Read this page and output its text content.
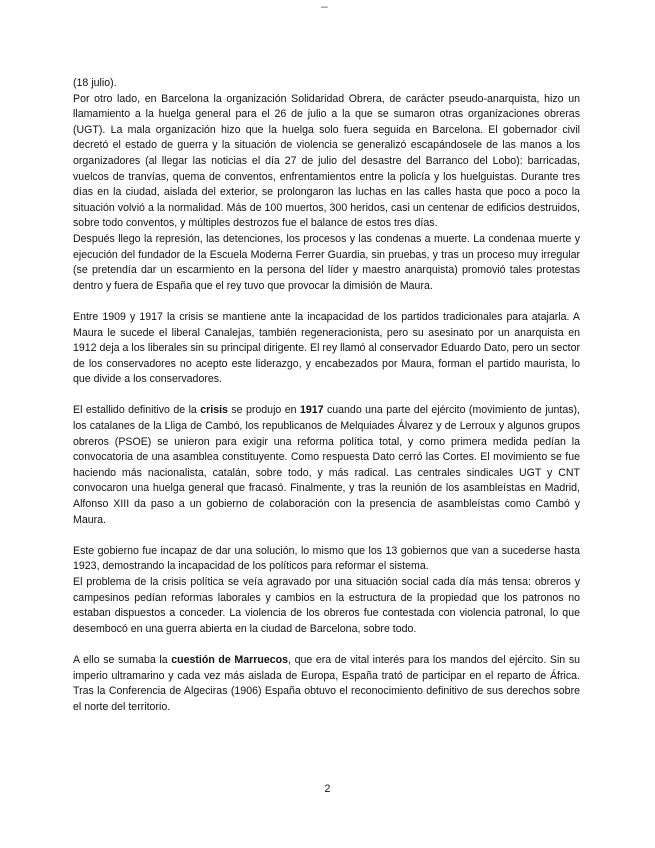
_

(18 julio).

Por otro lado, en Barcelona la organización Solidaridad Obrera, de carácter pseudo-anarquista, hizo un llamamiento a la huelga general para el 26 de julio a la que se sumaron otras organizaciones obreras (UGT). La mala organización hizo que la huelga solo fuera seguida en Barcelona. El gobernador civil decretó el estado de guerra y la situación de violencia se generalizó escapándosele de las manos a los organizadores (al llegar las noticias el día 27 de julio del desastre del Barranco del Lobo): barricadas, vuelcos de tranvías, quema de conventos, enfrentamientos entre la policía y los huelguistas. Durante tres días en la ciudad, aislada del exterior, se prolongaron las luchas en las calles hasta que poco a poco la situación volvió a la normalidad. Más de 100 muertos, 300 heridos, casi un centenar de edificios destruidos, sobre todo conventos, y múltiples destrozos fue el balance de estos tres días.

Después llego la represión, las detenciones, los procesos y las condenas a muerte. La condenaa muerte y ejecución del fundador de la Escuela Moderna Ferrer Guardia, sin pruebas, y tras un proceso muy irregular (se pretendía dar un escarmiento en la persona del líder y maestro anarquista) promovió tales protestas dentro y fuera de España que el rey tuvo que provocar la dimisión de Maura.

Entre 1909 y 1917 la crisis se mantiene ante la incapacidad de los partidos tradicionales para atajarla. A Maura le sucede el liberal Canalejas, también regeneracionista, pero su asesinato por un anarquista en 1912 deja a los liberales sin su principal dirigente. El rey llamó al conservador Eduardo Dato, pero un sector de los conservadores no acepto este liderazgo, y encabezados por Maura, forman el partido maurista, lo que divide a los conservadores.

El estallido definitivo de la crisis se produjo en 1917 cuando una parte del ejército (movimiento de juntas), los catalanes de la Lliga de Cambó, los republicanos de Melquiades Álvarez y de Lerroux y algunos grupos obreros (PSOE) se unieron para exigir una reforma política total, y como primera medida pedían la convocatoria de una asamblea constituyente. Como respuesta Dato cerró las Cortes. El movimiento se fue haciendo más nacionalista, catalán, sobre todo, y más radical. Las centrales sindicales UGT y CNT convocaron una huelga general que fracasó. Finalmente, y tras la reunión de los asambleístas en Madrid, Alfonso XIII da paso a un gobierno de colaboración con la presencia de asambleístas como Cambó y Maura.

Este gobierno fue incapaz de dar una solución, lo mismo que los 13 gobiernos que van a sucederse hasta 1923, demostrando la incapacidad de los políticos para reformar el sistema.

El problema de la crisis política se veía agravado por una situación social cada día más tensa: obreros y campesinos pedían reformas laborales y cambios en la estructura de la propiedad que los patronos no estaban dispuestos a conceder. La violencia de los obreros fue contestada con violencia patronal, lo que desembocó en una guerra abierta en la ciudad de Barcelona, sobre todo.

A ello se sumaba la cuestión de Marruecos, que era de vital interés para los mandos del ejército. Sin su imperio ultramarino y cada vez más aislada de Europa, España trató de participar en el reparto de África. Tras la Conferencia de Algeciras (1906) España obtuvo el reconocimiento definitivo de sus derechos sobre el norte del territorio.

2
